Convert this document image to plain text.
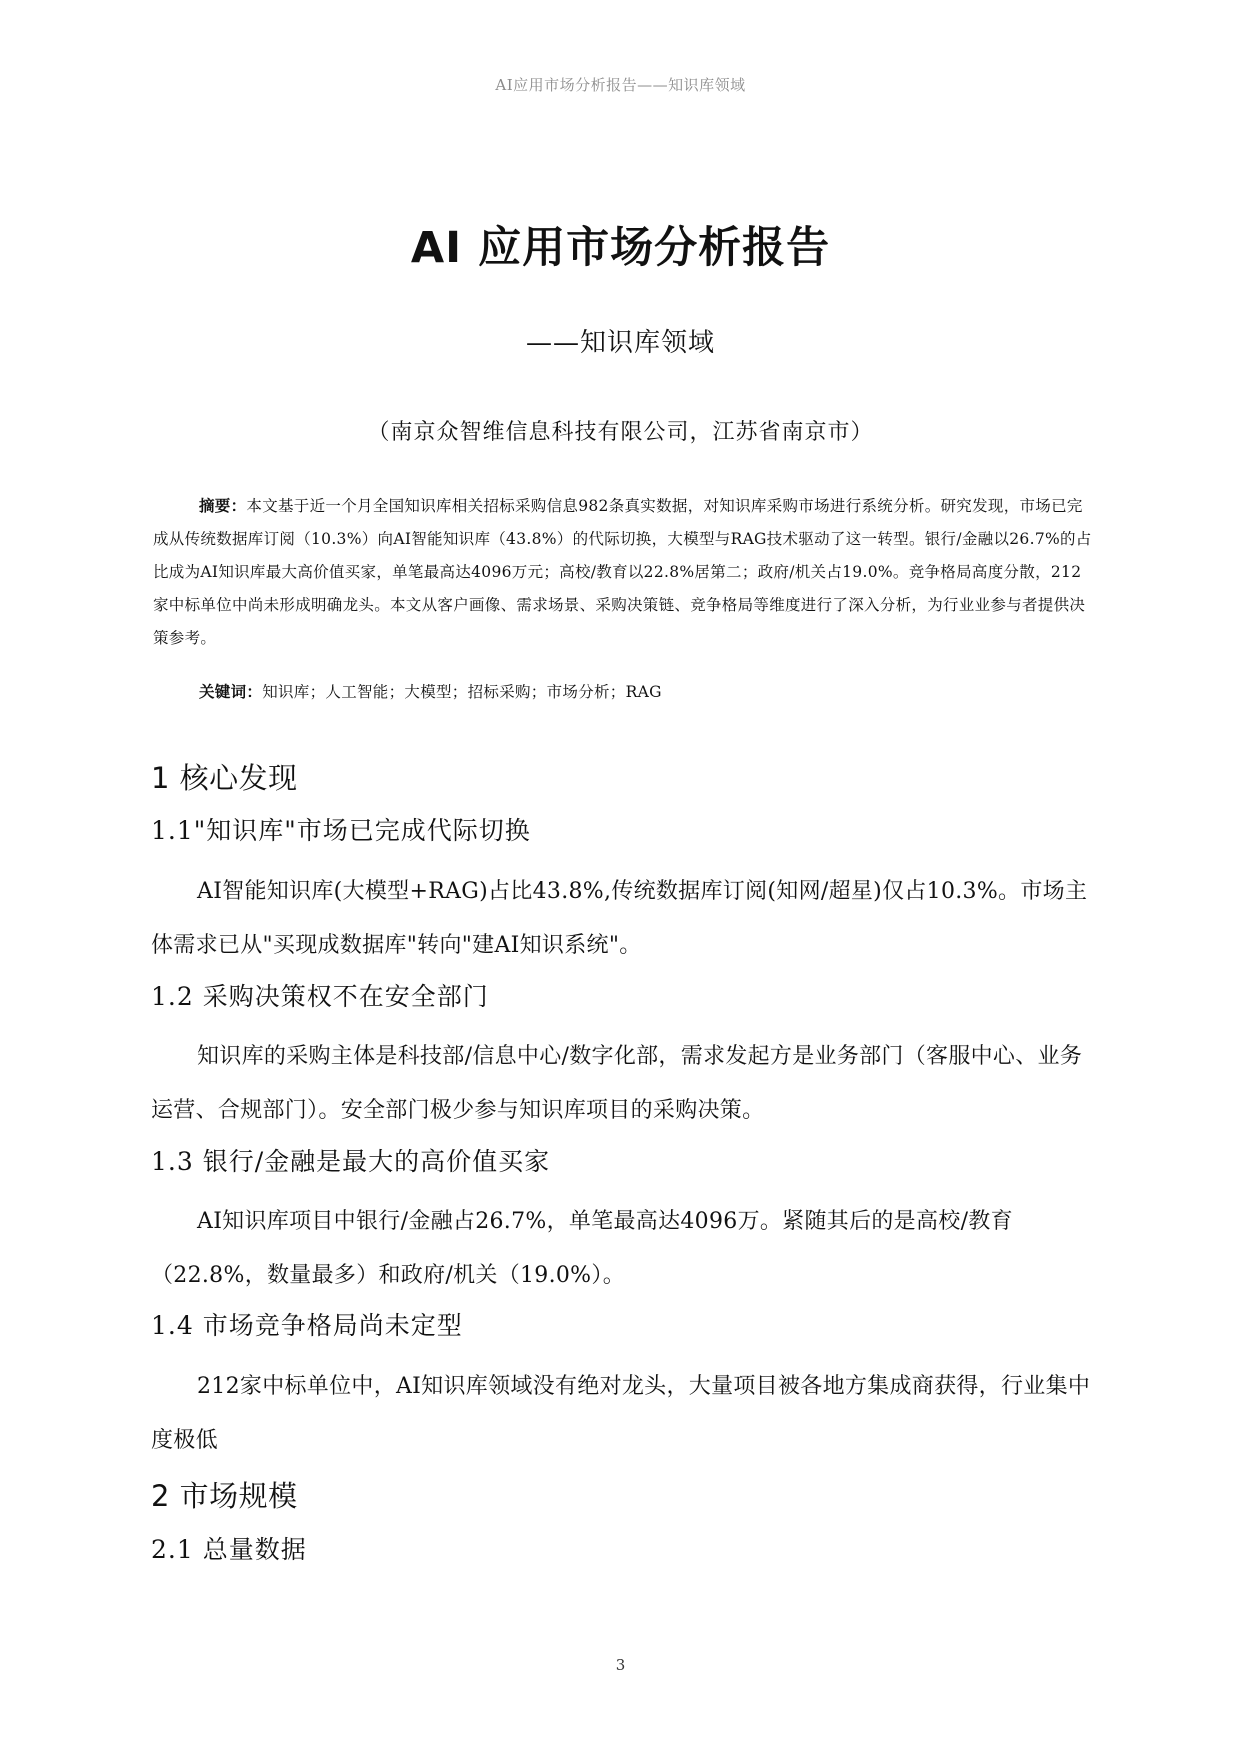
AI应用市场分析报告——知识库领域
AI 应用市场分析报告
——知识库领域
（南京众智维信息科技有限公司，江苏省南京市）
摘要：本文基于近一个月全国知识库相关招标采购信息982条真实数据，对知识库采购市场进行系统分析。研究发现，市场已完成从传统数据库订阅（10.3%）向AI智能知识库（43.8%）的代际切换，大模型与RAG技术驱动了这一转型。银行/金融以26.7%的占比成为AI知识库最大高价值买家，单笔最高达4096万元；高校/教育以22.8%居第二；政府/机关占19.0%。竞争格局高度分散，212家中标单位中尚未形成明确龙头。本文从客户画像、需求场景、采购决策链、竞争格局等维度进行了深入分析，为行业业参与者提供决策参考。
关键词：知识库；人工智能；大模型；招标采购；市场分析；RAG
1 核心发现
1.1"知识库"市场已完成代际切换
AI智能知识库(大模型+RAG)占比43.8%,传统数据库订阅(知网/超星)仅占10.3%。市场主体需求已从"买现成数据库"转向"建AI知识系统"。
1.2 采购决策权不在安全部门
知识库的采购主体是科技部/信息中心/数字化部，需求发起方是业务部门（客服中心、业务运营、合规部门）。安全部门极少参与知识库项目的采购决策。
1.3 银行/金融是最大的高价值买家
AI知识库项目中银行/金融占26.7%，单笔最高达4096万。紧随其后的是高校/教育（22.8%，数量最多）和政府/机关（19.0%）。
1.4 市场竞争格局尚未定型
212家中标单位中，AI知识库领域没有绝对龙头，大量项目被各地方集成商获得，行业集中度极低
2 市场规模
2.1 总量数据
3
